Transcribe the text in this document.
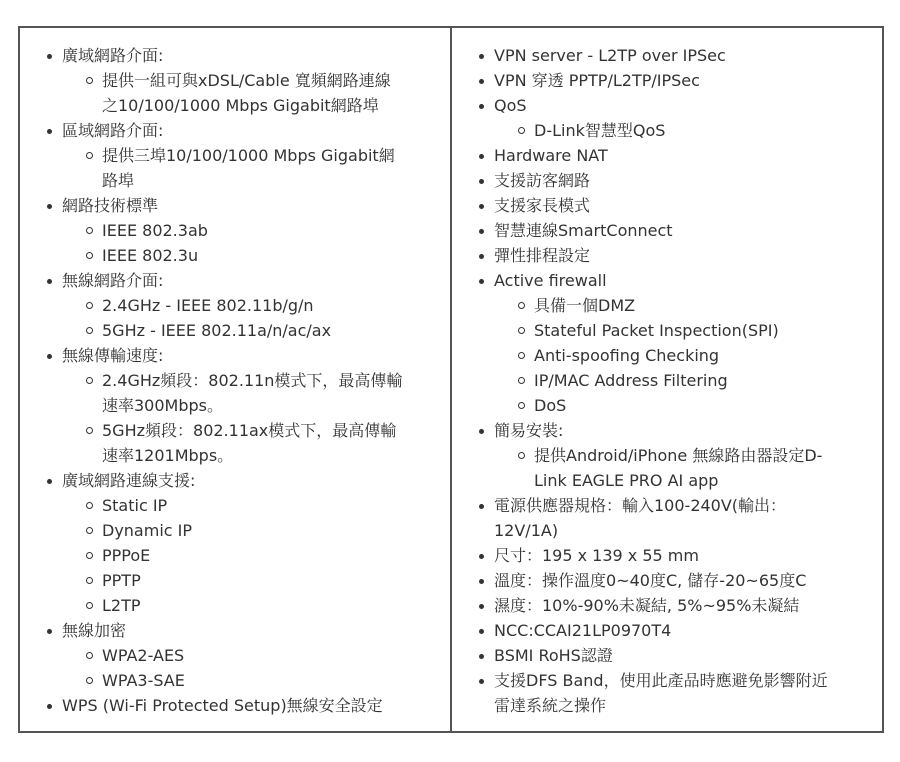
廣域網路介面:
提供一組可與xDSL/Cable 寬頻網路連線
之10/100/1000 Mbps Gigabit網路埠
區域網路介面:
提供三埠10/100/1000 Mbps Gigabit網
路埠
網路技術標準
IEEE 802.3ab
IEEE 802.3u
無線網路介面:
2.4GHz - IEEE 802.11b/g/n
5GHz - IEEE 802.11a/n/ac/ax
無線傳輸速度:
2.4GHz頻段：802.11n模式下，最高傳輸
速率300Mbps。
5GHz頻段：802.11ax模式下，最高傳輸
速率1201Mbps。
廣域網路連線支援:
Static IP
Dynamic IP
PPPoE
PPTP
L2TP
無線加密
WPA2-AES
WPA3-SAE
WPS (Wi-Fi Protected Setup)無線安全設定
VPN server - L2TP over IPSec
VPN 穿透 PPTP/L2TP/IPSec
QoS
D-Link智慧型QoS
Hardware NAT
支援訪客網路
支援家長模式
智慧連線SmartConnect
彈性排程設定
Active firewall
具備一個DMZ
Stateful Packet Inspection(SPI)
Anti-spoofing Checking
IP/MAC Address Filtering
DoS
簡易安裝:
提供Android/iPhone 無線路由器設定D-
Link EAGLE PRO AI app
電源供應器規格：輸入100-240V(輸出：
12V/1A)
尺寸：195 x 139 x 55 mm
溫度：操作溫度0~40度C, 儲存-20~65度C
濕度：10%-90%未凝結, 5%~95%未凝結
NCC:CCAI21LP0970T4
BSMI RoHS認證
支援DFS Band，使用此產品時應避免影響附近
雷達系統之操作
